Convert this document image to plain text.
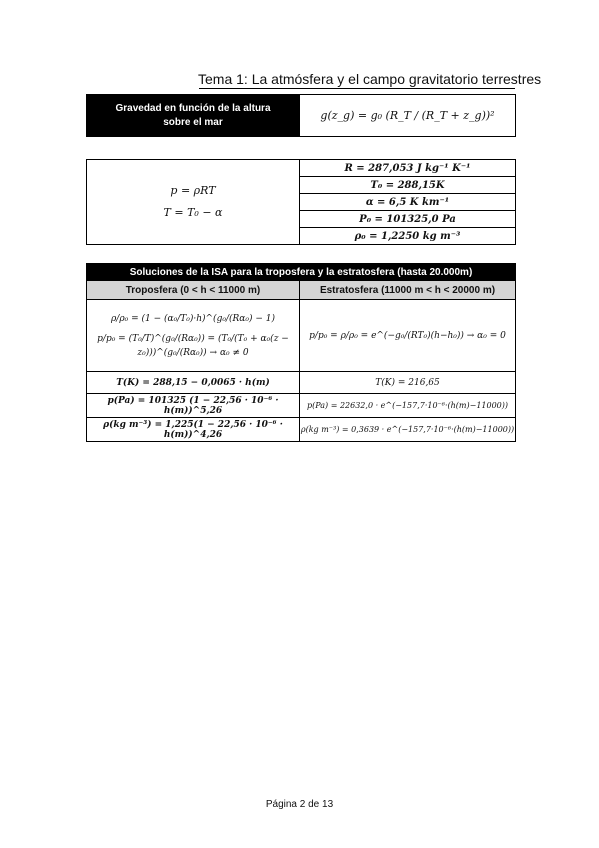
Tema 1: La atmósfera y el campo gravitatorio terrestres
Gravedad en función de la altura sobre el mar	g(z_g) = g₀ (R_T / (R_T + z_g))²
p = ρRT
T = T₀ − α
	R = 287,053 J kg⁻¹ K⁻¹
T₀ = 288,15K
α = 6,5 K km⁻¹
P₀ = 101325,0 Pa
ρ₀ = 1,2250 kg m⁻³
Soluciones de la ISA para la troposfera y la estratosfera (hasta 20.000m)	
Troposfera (0 < h < 11000 m)	Estratosfera (11000 m < h < 20000 m)

ρ/ρ₀ = (1 − (α₀/T₀)·h)^(g₀/(Rα₀) − 1)
p/p₀ = (T₀/T)^(g₀/(Rα₀)) = (T₀/(T₀ + α₀(z − z₀)))^(g₀/(Rα₀)) → α₀ ≠ 0	p/p₀ = ρ/ρ₀ = e^(−g₀/(RT₀)(h−h₀)) → α₀ = 0
T(K) = 288,15 − 0,0065 · h(m)	T(K) = 216,65
p(Pa) = 101325 (1 − 22,56 · 10⁻⁶ · h(m))^5,26	p(Pa) = 22632,0 · e^(−157,7·10⁻⁶·(h(m)−11000))
ρ(kg m⁻³) = 1,225(1 − 22,56 · 10⁻⁶ · h(m))^4,26	ρ(kg m⁻³) = 0,3639 · e^(−157,7·10⁻⁶·(h(m)−11000))
Página 2 de 13
